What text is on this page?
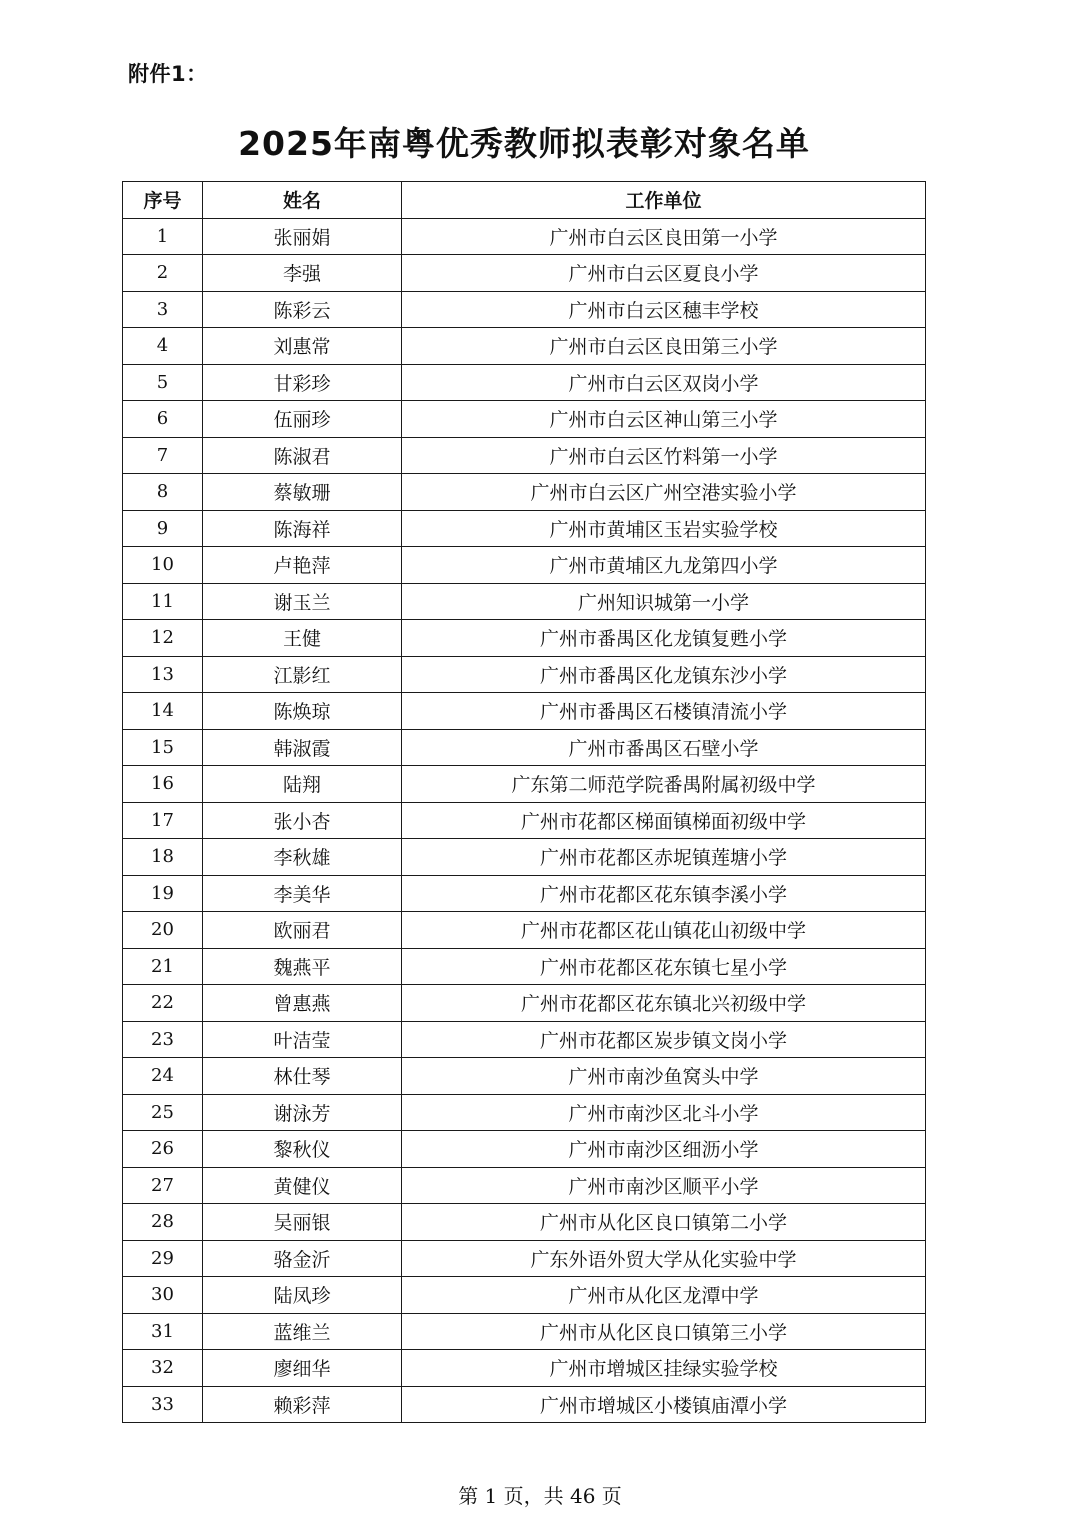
附件1：
2025年南粤优秀教师拟表彰对象名单
序号	姓名	工作单位
1	张丽娟	广州市白云区良田第一小学
2	李强	广州市白云区夏良小学
3	陈彩云	广州市白云区穗丰学校
4	刘惠常	广州市白云区良田第三小学
5	甘彩珍	广州市白云区双岗小学
6	伍丽珍	广州市白云区神山第三小学
7	陈淑君	广州市白云区竹料第一小学
8	蔡敏珊	广州市白云区广州空港实验小学
9	陈海祥	广州市黄埔区玉岩实验学校
10	卢艳萍	广州市黄埔区九龙第四小学
11	谢玉兰	广州知识城第一小学
12	王健	广州市番禺区化龙镇复甦小学
13	江影红	广州市番禺区化龙镇东沙小学
14	陈焕琼	广州市番禺区石楼镇清流小学
15	韩淑霞	广州市番禺区石壁小学
16	陆翔	广东第二师范学院番禺附属初级中学
17	张小杏	广州市花都区梯面镇梯面初级中学
18	李秋雄	广州市花都区赤坭镇莲塘小学
19	李美华	广州市花都区花东镇李溪小学
20	欧丽君	广州市花都区花山镇花山初级中学
21	魏燕平	广州市花都区花东镇七星小学
22	曾惠燕	广州市花都区花东镇北兴初级中学
23	叶洁莹	广州市花都区炭步镇文岗小学
24	林仕琴	广州市南沙鱼窝头中学
25	谢泳芳	广州市南沙区北斗小学
26	黎秋仪	广州市南沙区细沥小学
27	黄健仪	广州市南沙区顺平小学
28	吴丽银	广州市从化区良口镇第二小学
29	骆金沂	广东外语外贸大学从化实验中学
30	陆凤珍	广州市从化区龙潭中学
31	蓝维兰	广州市从化区良口镇第三小学
32	廖细华	广州市增城区挂绿实验学校
33	赖彩萍	广州市增城区小楼镇庙潭小学
第 1 页，共 46 页
